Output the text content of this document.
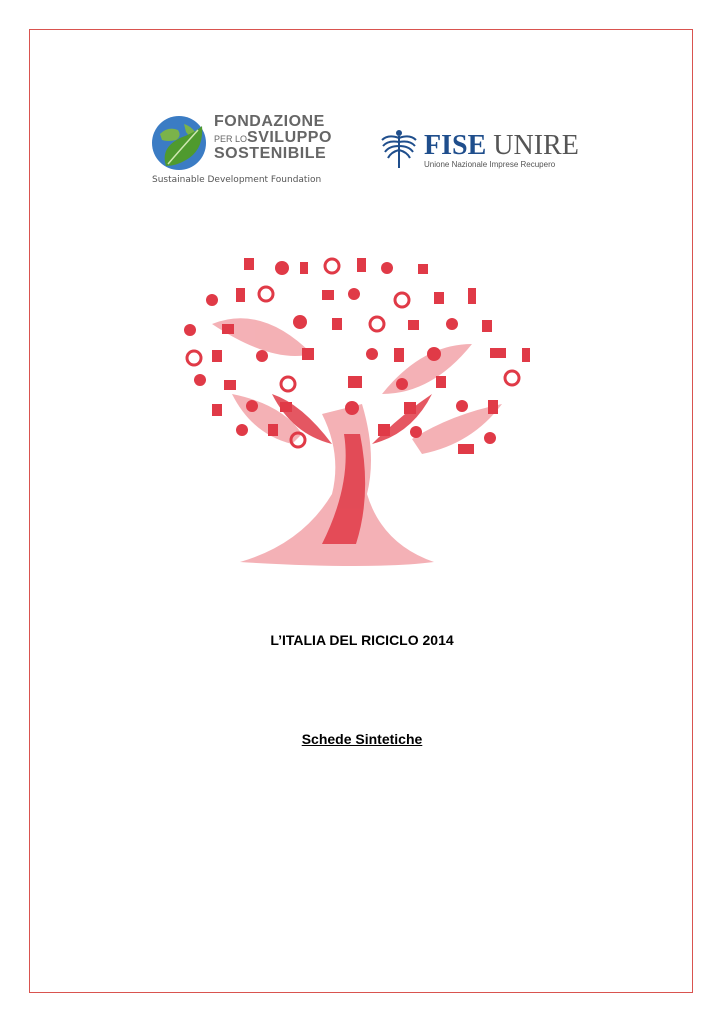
FONDAZIONE
PER LOSVILUPPO
SOSTENIBILE
Sustainable Development Foundation
FISE UNIRE
Unione Nazionale Imprese Recupero
L’ITALIA DEL RICICLO 2014
Schede Sintetiche
